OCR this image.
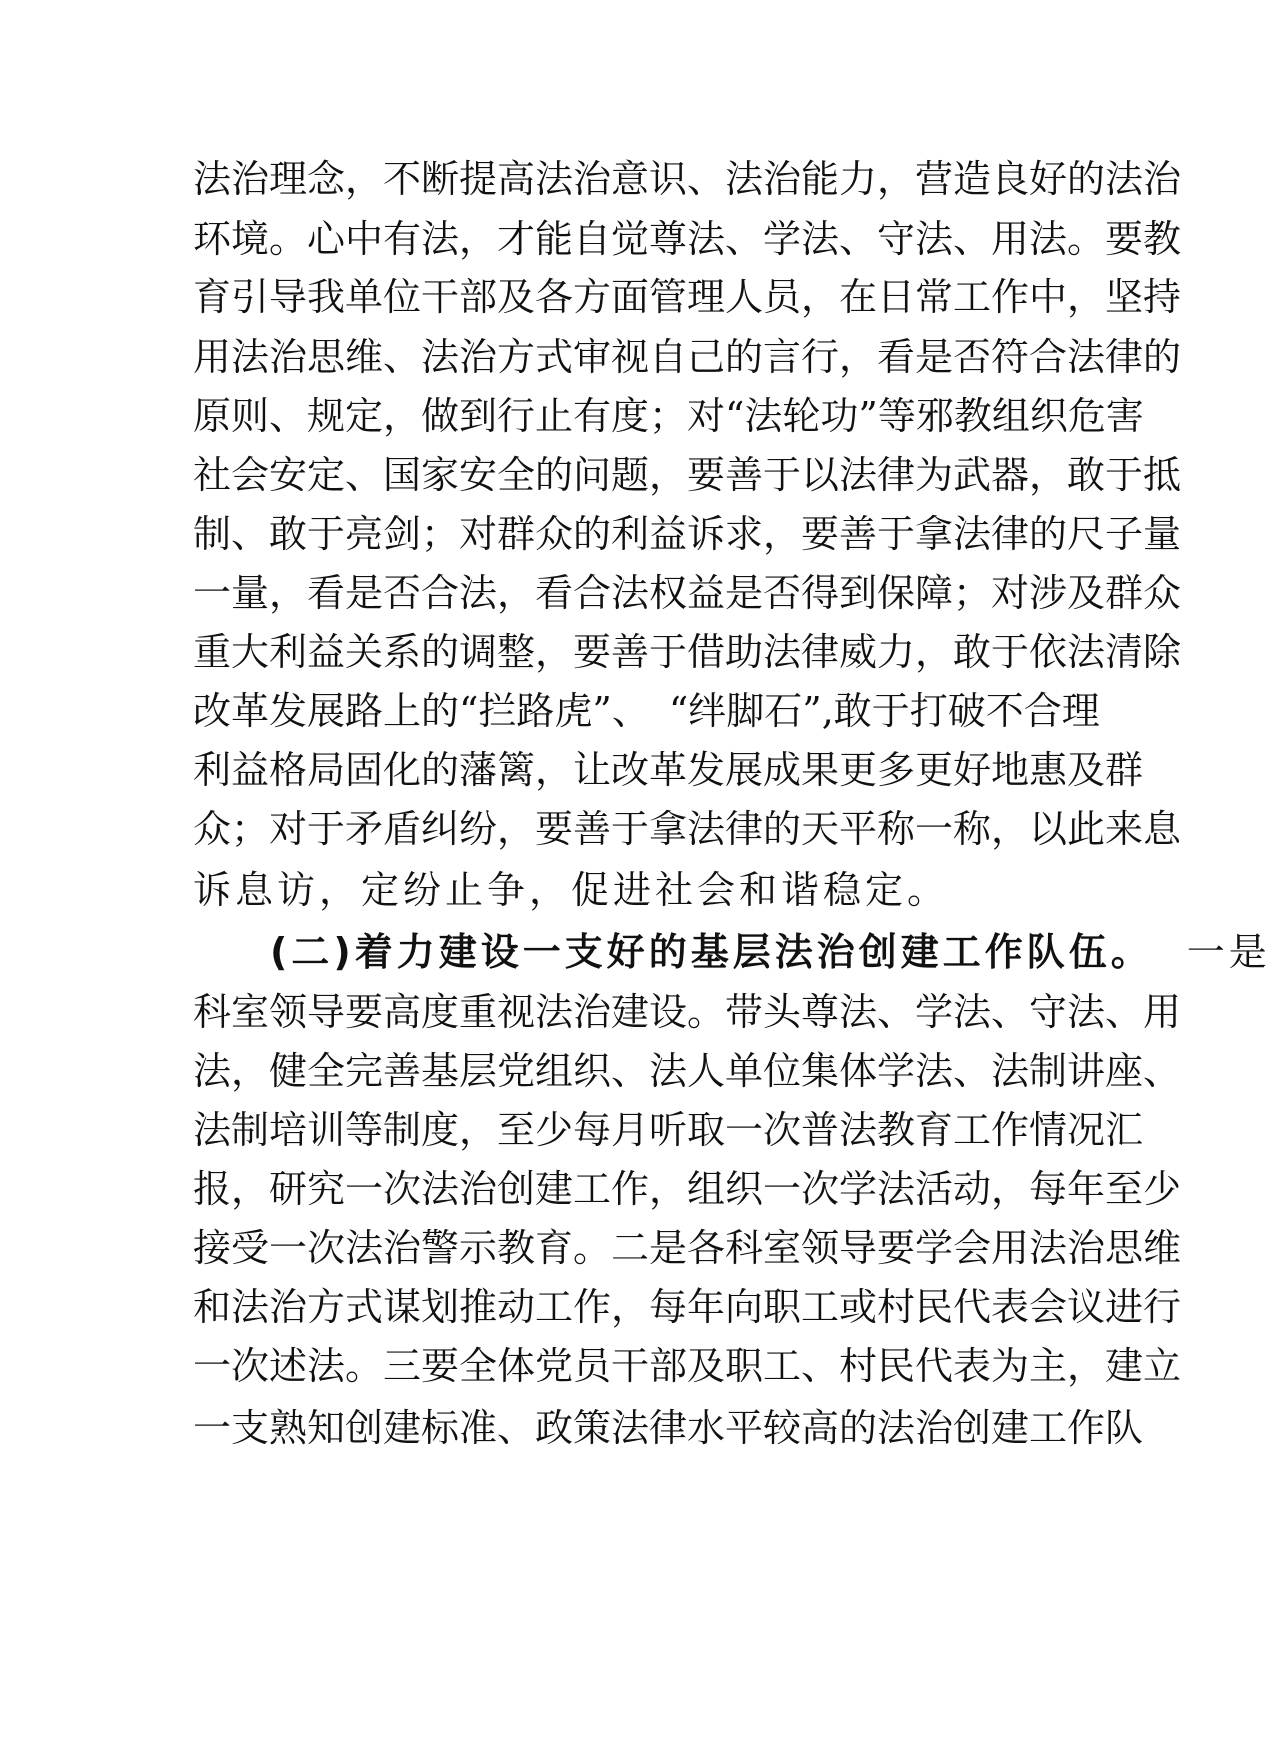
法治理念，不断提高法治意识、法治能力，营造良好的法治
环境。心中有法，才能自觉尊法、学法、守法、用法。要教
育引导我单位干部及各方面管理人员，在日常工作中，坚持
用法治思维、法治方式审视自己的言行，看是否符合法律的
原则、规定，做到行止有度；对“法轮功”等邪教组织危害
社会安定、国家安全的问题，要善于以法律为武器，敢于抵
制、敢于亮剑；对群众的利益诉求，要善于拿法律的尺子量
一量，看是否合法，看合法权益是否得到保障；对涉及群众
重大利益关系的调整，要善于借助法律威力，敢于依法清除
改革发展路上的“拦路虎”、　“绊脚石”,敢于打破不合理
利益格局固化的藩篱，让改革发展成果更多更好地惠及群
众；对于矛盾纠纷，要善于拿法律的天平称一称，以此来息
诉息访，定纷止争，促进社会和谐稳定。
(二)着力建设一支好的基层法治创建工作队伍。 一是
科室领导要高度重视法治建设。带头尊法、学法、守法、用
法，健全完善基层党组织、法人单位集体学法、法制讲座、
法制培训等制度，至少每月听取一次普法教育工作情况汇
报，研究一次法治创建工作，组织一次学法活动，每年至少
接受一次法治警示教育。二是各科室领导要学会用法治思维
和法治方式谋划推动工作，每年向职工或村民代表会议进行
一次述法。三要全体党员干部及职工、村民代表为主，建立
一支熟知创建标准、政策法律水平较高的法治创建工作队
